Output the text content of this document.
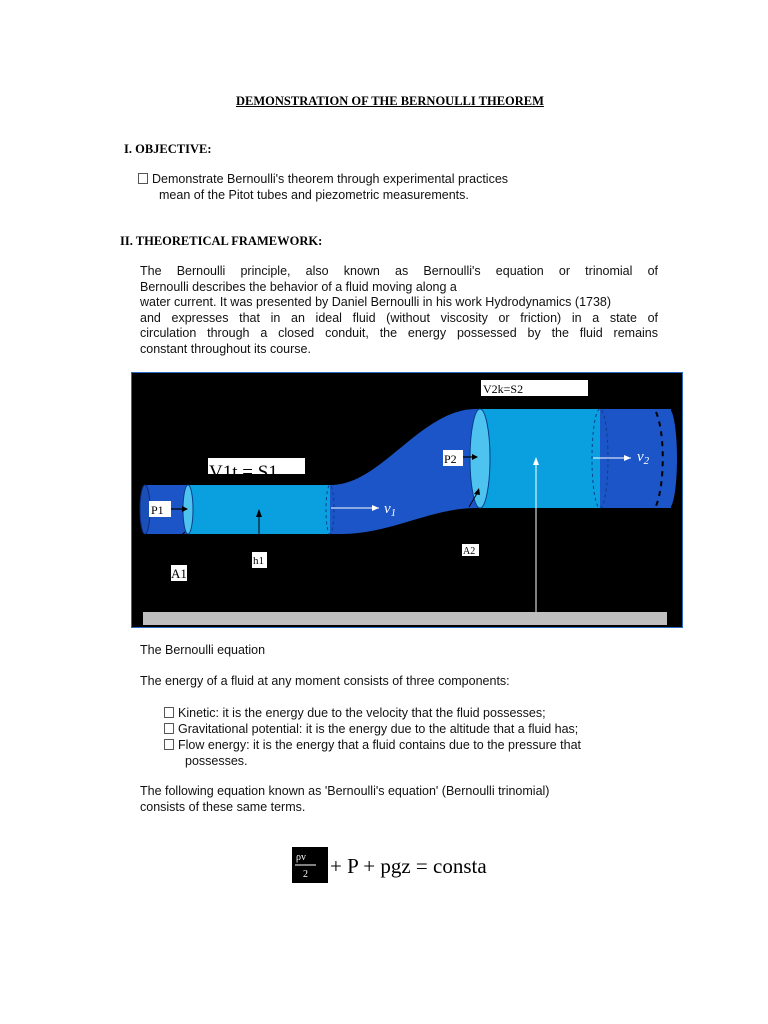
DEMONSTRATION OF THE BERNOULLI THEOREM
I. OBJECTIVE:
Demonstrate Bernoulli's theorem through experimental practices
mean of the Pitot tubes and piezometric measurements.
II. THEORETICAL FRAMEWORK:
The Bernoulli principle, also known as Bernoulli's equation or trinomial of
Bernoulli describes the behavior of a fluid moving along a
water current. It was presented by Daniel Bernoulli in his work Hydrodynamics (1738)
and expresses that in an ideal fluid (without viscosity or friction) in a state of
circulation through a closed conduit, the energy possessed by the fluid remains
constant throughout its course.
V2k=S2
V1t = S1
P1
P2
$v_1$
$v_2$
h1
A1
A2
The Bernoulli equation
The energy of a fluid at any moment consists of three components:
Kinetic: it is the energy due to the velocity that the fluid possesses;
Gravitational potential: it is the energy due to the altitude that a fluid has;
Flow energy: it is the energy that a fluid contains due to the pressure that
possesses.
The following equation known as 'Bernoulli's equation' (Bernoulli trinomial)
consists of these same terms.
ρv
2 + P + pgz = consta
